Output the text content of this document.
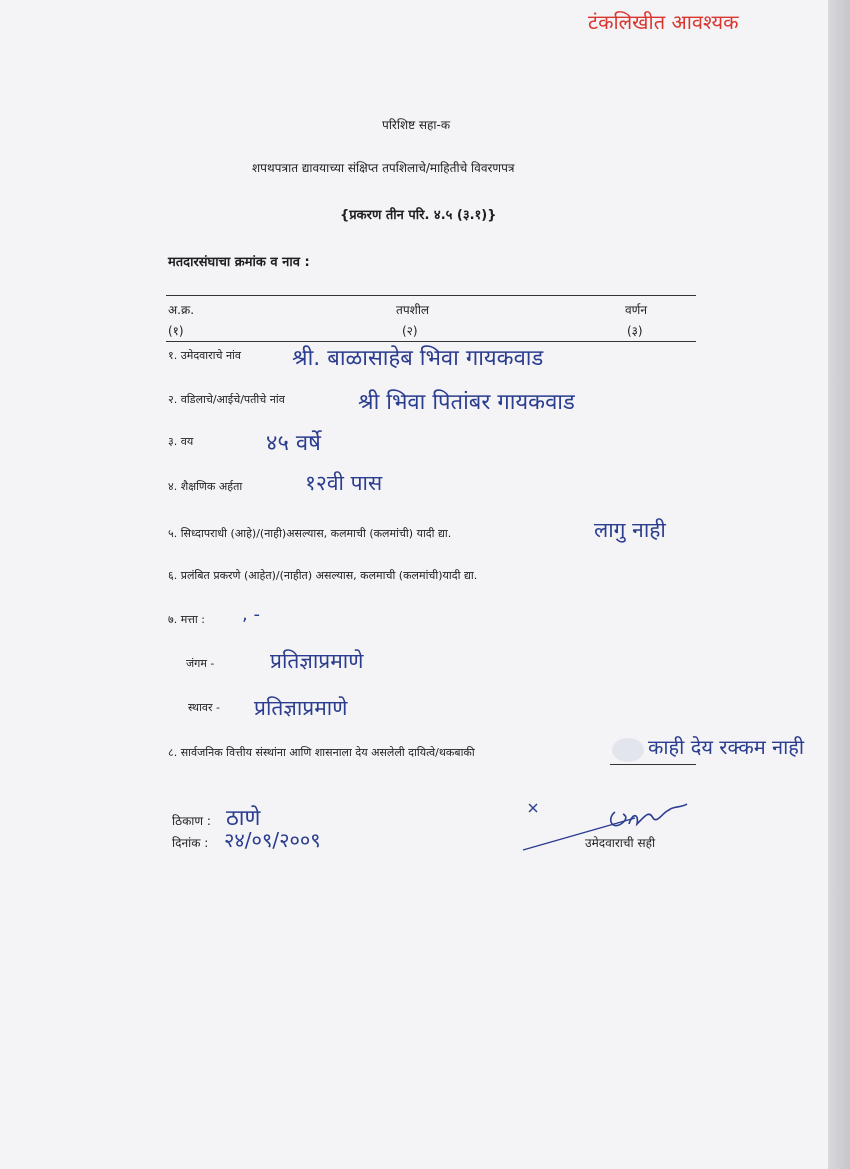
टंकलिखीत आवश्यक
परिशिष्ट सहा-क
शपथपत्रात द्यावयाच्या संक्षिप्त तपशिलाचे/माहितीचे विवरणपत्र
{प्रकरण तीन परि. ४.५ (३.१)}
मतदारसंघाचा क्रमांक व नाव :
अ.क्र.	तपशील	वर्णन
(१)	(२)	(३)
१. उमेदवाराचे नांव श्री. बाळासाहेब भिवा गायकवाड
२. वडिलाचे/आईचे/पतीचे नांव	श्री भिवा पितांबर गायकवाड
३. वय	४५ वर्षे
४. शैक्षणिक अर्हता	१२वी पास
५. सिध्दापराधी (आहे)/(नाही)असल्यास, कलमाची (कलमांची) यादी द्या.	लागु नाही
६. प्रलंबित प्रकरणे (आहेत)/(नाहीत) असल्यास, कलमाची (कलमांची)यादी द्या.
७. मत्ता : , -
जंगम -	प्रतिज्ञाप्रमाणे
स्थावर - प्रतिज्ञाप्रमाणे
८. सार्वजनिक वित्तीय संस्थांना आणि शासनाला देय असलेली दायित्वे/थकबाकी	काही देय रक्कम नाही
ठिकाण : ठाणे
दिनांक : २४/०९/२००९	उमेदवाराची सही
